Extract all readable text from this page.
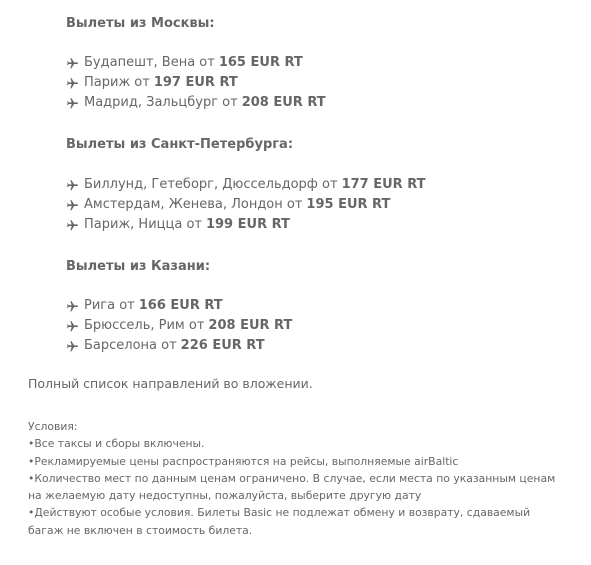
Вылеты из Москвы:

Будапешт, Вена от 165 EUR RT
Париж от 197 EUR RT
Мадрид, Зальцбург от 208 EUR RT

Вылеты из Санкт-Петербурга:

Биллунд, Гетеборг, Дюссельдорф от 177 EUR RT
Амстердам, Женева, Лондон от 195 EUR RT
Париж, Ницца от 199 EUR RT

Вылеты из Казани:

Рига от 166 EUR RT
Брюссель, Рим от 208 EUR RT
Барселона от 226 EUR RT
Полный список направлений во вложении.

Условия:

•Все таксы и сборы включены.

•Рекламируемые цены распространяются на рейсы, выполняемые airBaltic

•Количество мест по данным ценам ограничено. В случае, если места по указанным ценам на желаемую дату недоступны, пожалуйста, выберите другую дату

•Действуют особые условия. Билеты Basic не подлежат обмену и возврату, сдаваемый багаж не включен в стоимость билета.
